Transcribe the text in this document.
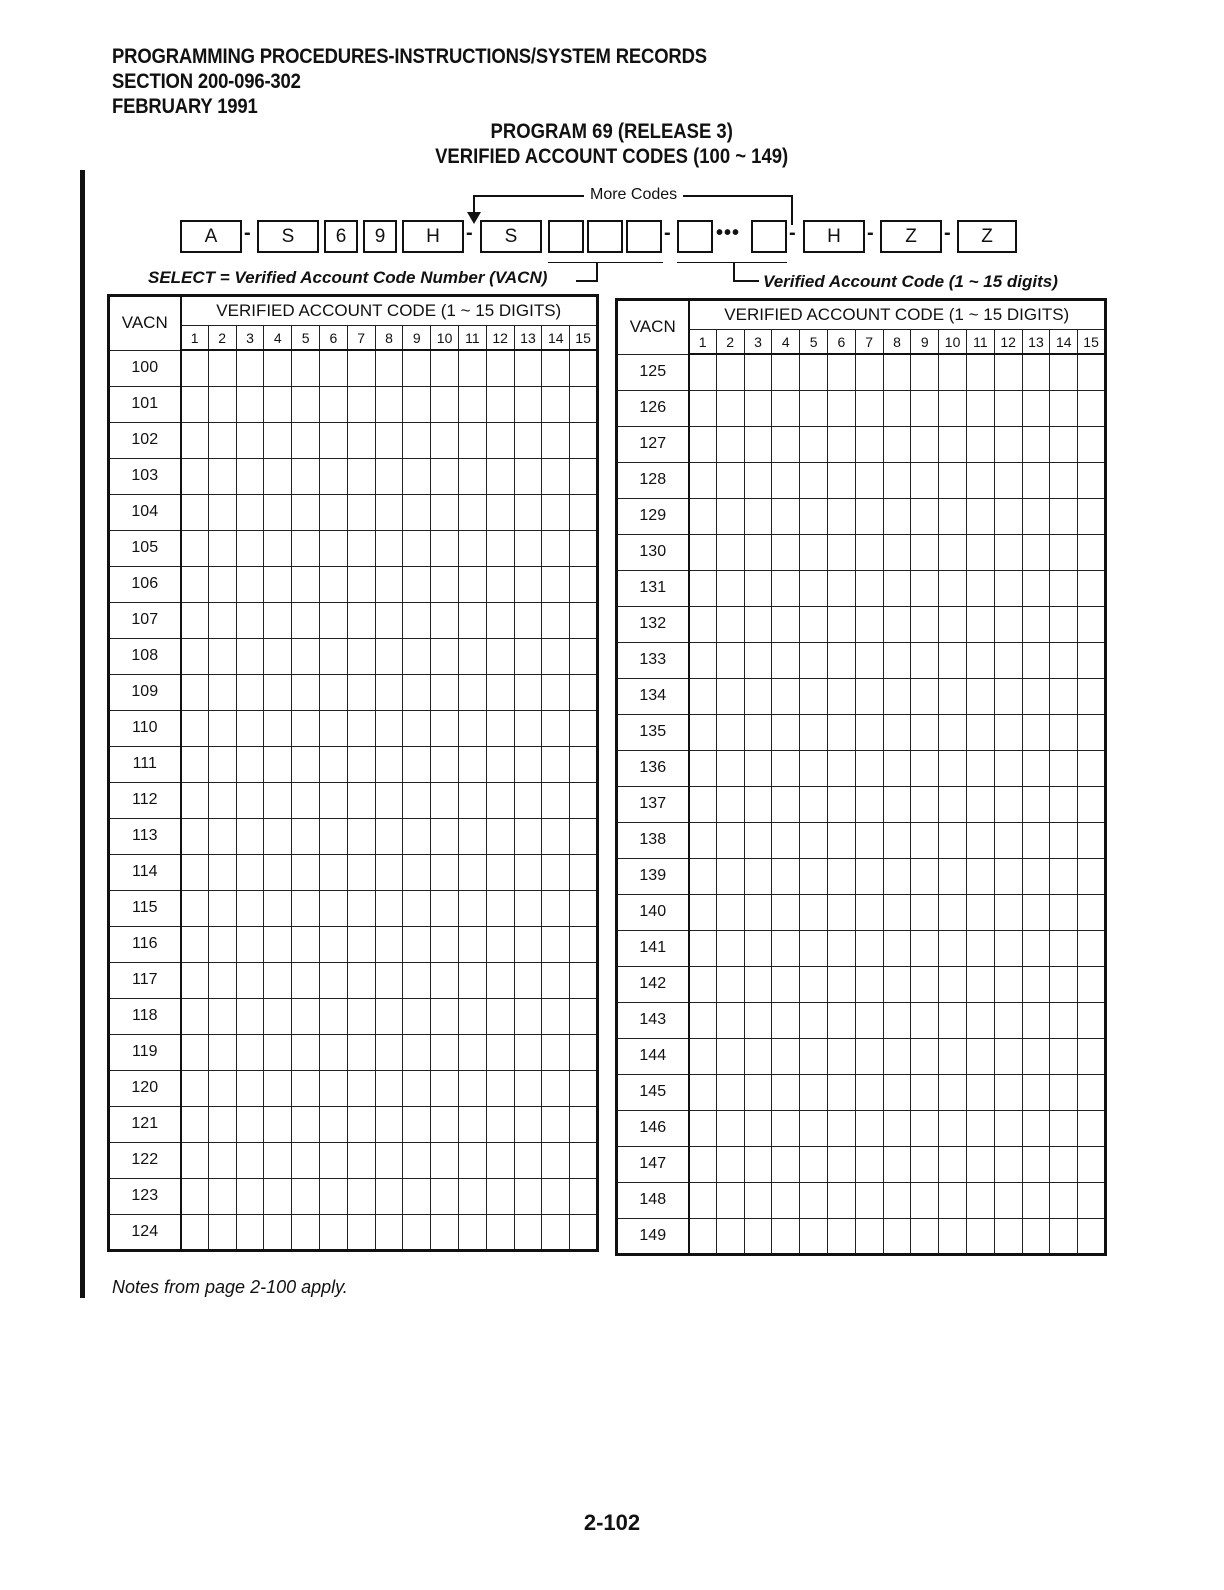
PROGRAMMING PROCEDURES-INSTRUCTIONS/SYSTEM RECORDS
SECTION 200-096-302
FEBRUARY 1991
PROGRAM 69 (RELEASE 3)
VERIFIED ACCOUNT CODES (100 ~ 149)
More Codes
A	-	S	6	9	H	-	S	- ••• -	H	-	Z	-	Z
SELECT = Verified Account Code Number (VACN)	Verified Account Code (1 ~ 15 digits)
VACN	VERIFIED ACCOUNT CODE (1 ~ 15 DIGITS)														
	1	2	3	4	5	6	7	8	9	10	11	12	13	14	15
100															
101															
102															
103															
104															
105															
106															
107															
108															
109															
110															
111															
112															
113															
114															
115															
116															
117															
118															
119															
120															
121															
122															
123															
124															
VACN	VERIFIED ACCOUNT CODE (1 ~ 15 DIGITS)														
	1	2	3	4	5	6	7	8	9	10	11	12	13	14	15
125															
126															
127															
128															
129															
130															
131															
132															
133															
134															
135															
136															
137															
138															
139															
140															
141															
142															
143															
144															
145															
146															
147															
148															
149															
Notes from page 2-100 apply.
2-102
